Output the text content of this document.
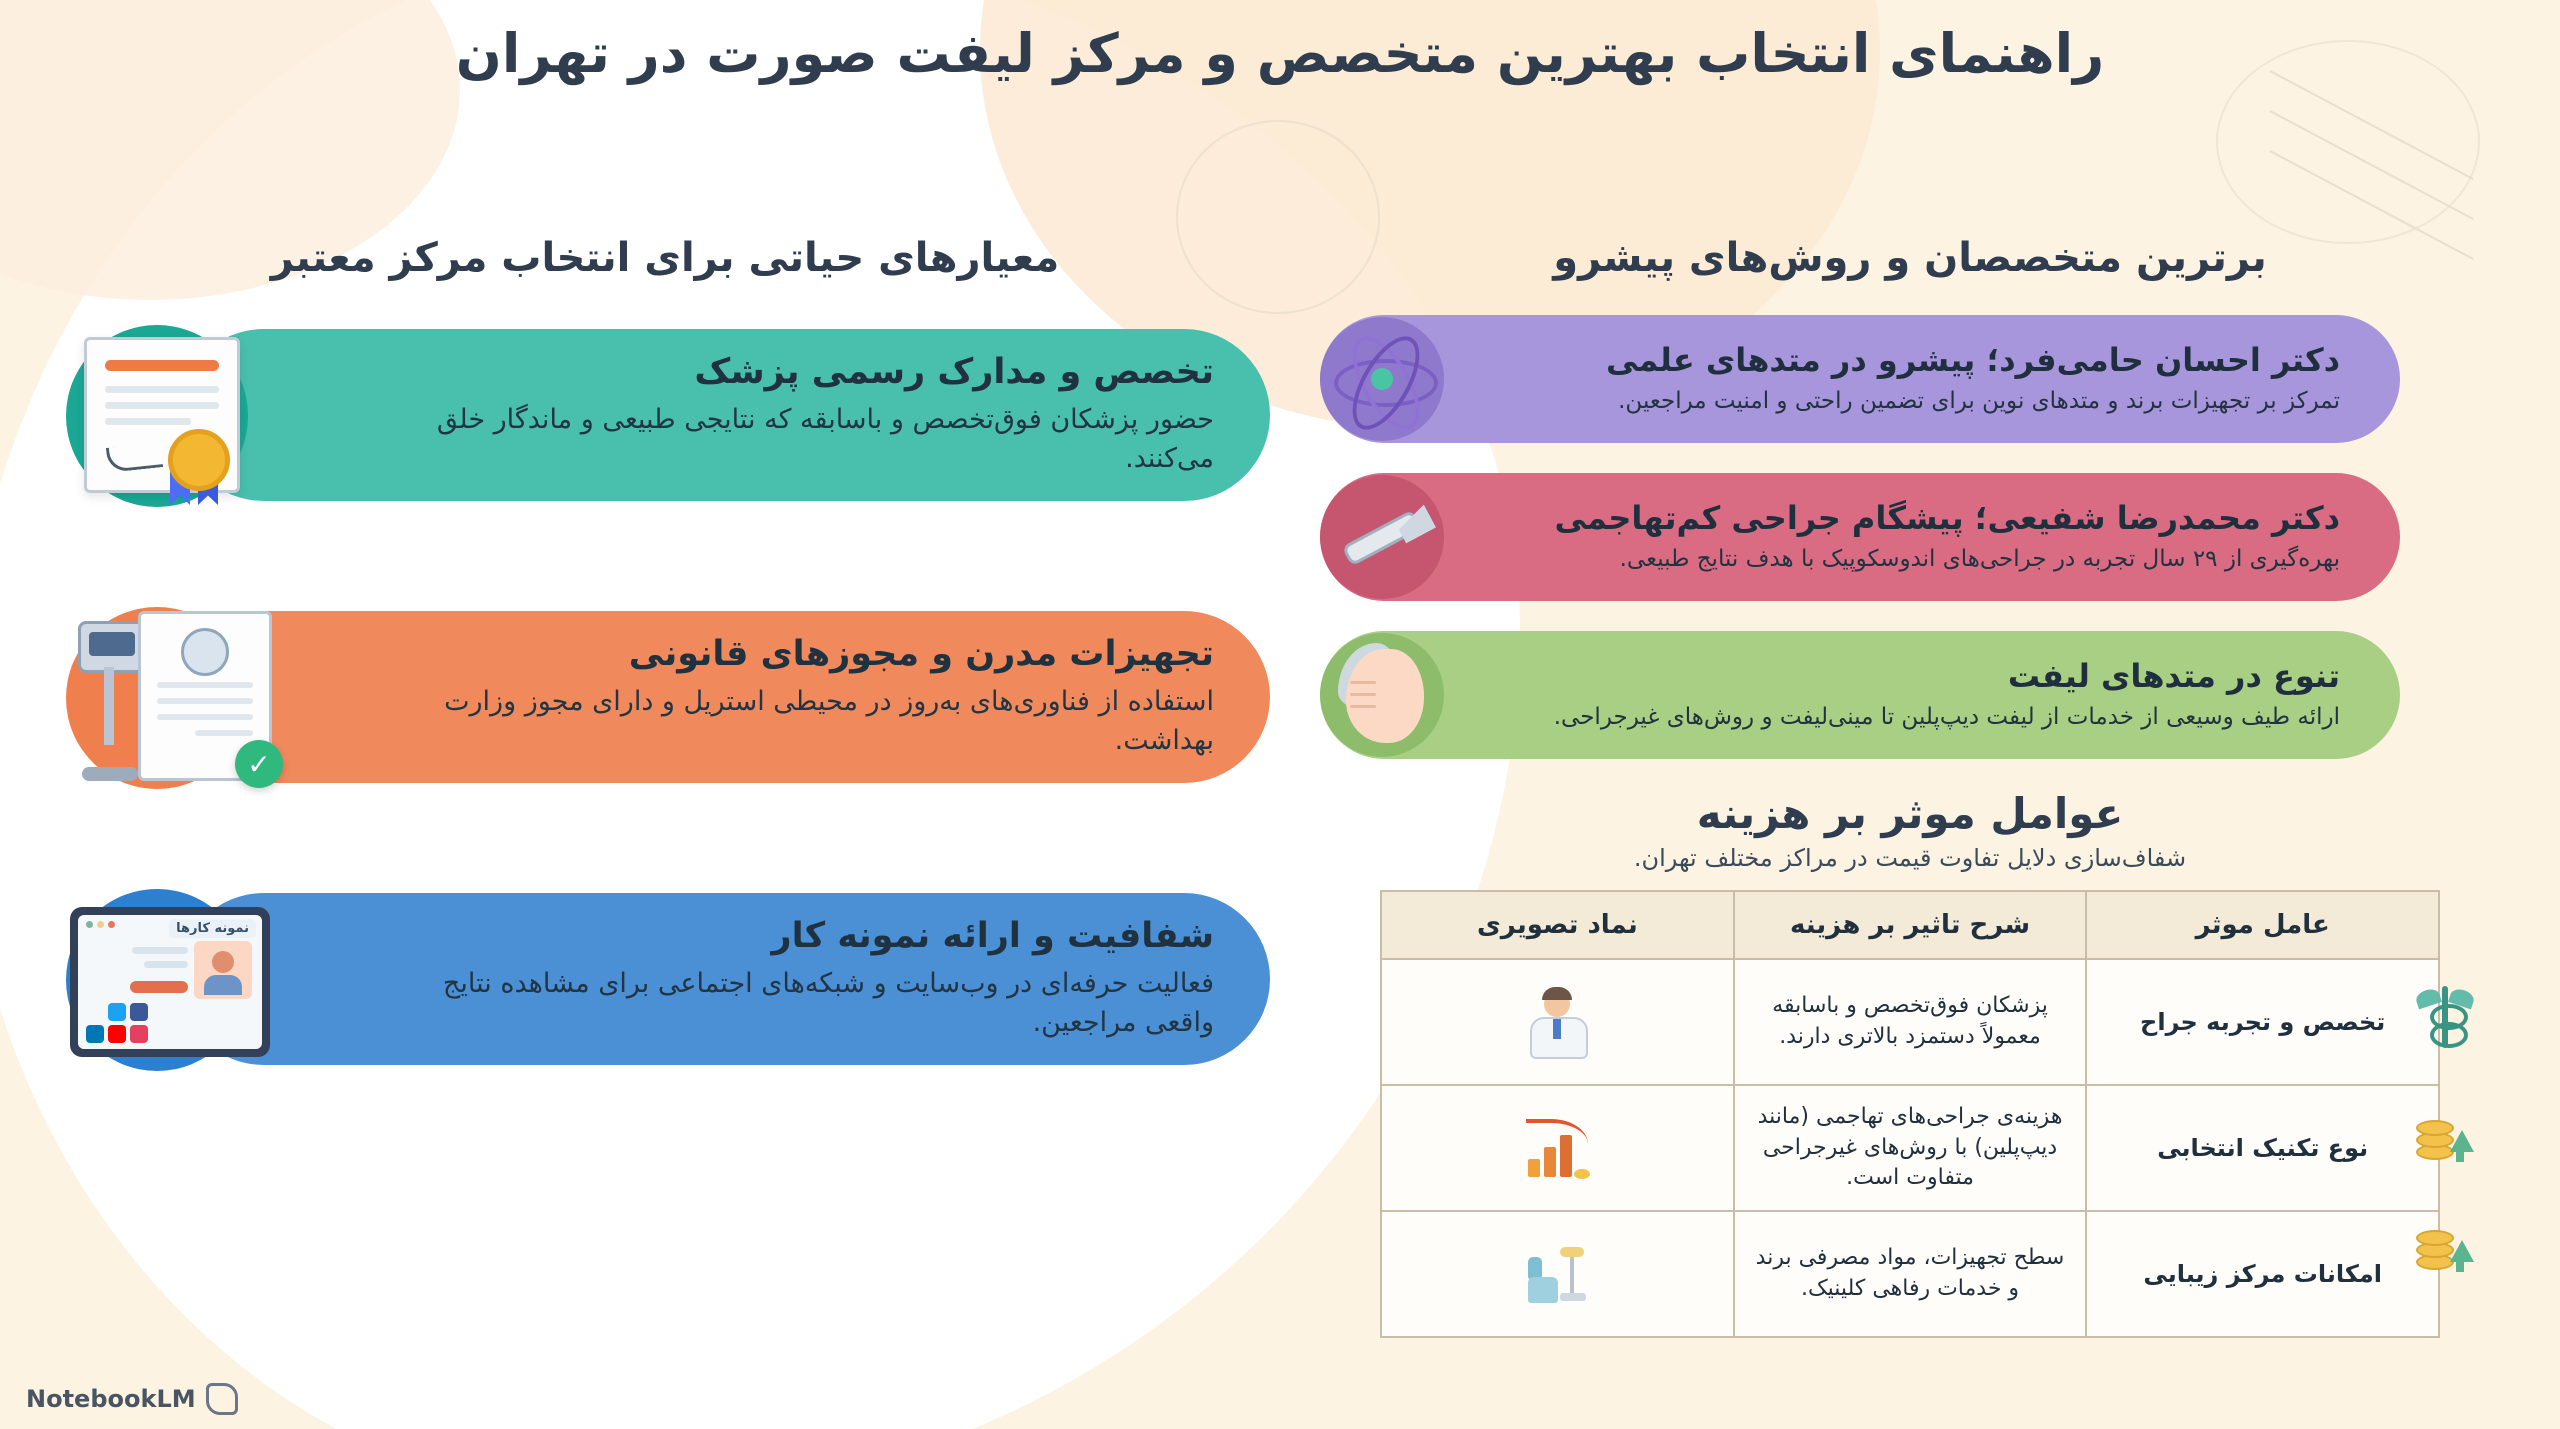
راهنمای انتخاب بهترین متخصص و مرکز لیفت صورت در تهران
برترین متخصصان و روش‌های پیشرو
دکتر احسان حامی‌فرد؛ پیشرو در متدهای علمی

تمرکز بر تجهیزات برند و متدهای نوین برای تضمین راحتی و امنیت مراجعین.

دکتر محمدرضا شفیعی؛ پیشگام جراحی کم‌تهاجمی

بهره‌گیری از ۲۹ سال تجربه در جراحی‌های اندوسکوپیک با هدف نتایج طبیعی.

تنوع در متدهای لیفت

ارائه طیف وسیعی از خدمات از لیفت دیپ‌پلین تا مینی‌لیفت و روش‌های غیرجراحی.

عوامل موثر بر هزینه
شفاف‌سازی دلایل تفاوت قیمت در مراکز مختلف تهران.
عامل موثر	شرح تاثیر بر هزینه	نماد تصویری
تخصص و تجربه جراح	پزشکان فوق‌تخصص و باسابقه معمولاً دستمزد بالاتری دارند.	

نوع تکنیک انتخابی	هزینه‌ی جراحی‌های تهاجمی (مانند دیپ‌پلین) با روش‌های غیرجراحی متفاوت است.	

امکانات مرکز زیبایی	سطح تجهیزات، مواد مصرفی برند و خدمات رفاهی کلینیک.	
معیارهای حیاتی برای انتخاب مرکز معتبر
تخصص و مدارک رسمی پزشک

حضور پزشکان فوق‌تخصص و باسابقه که نتایجی طبیعی و ماندگار خلق می‌کنند.

تجهیزات مدرن و مجوزهای قانونی

استفاده از فناوری‌های به‌روز در محیطی استریل و دارای مجوز وزارت بهداشت.

✓
شفافیت و ارائه نمونه کار

فعالیت حرفه‌ای در وب‌سایت و شبکه‌های اجتماعی برای مشاهده نتایج واقعی مراجعین.

نمونه کارها
NotebookLM
